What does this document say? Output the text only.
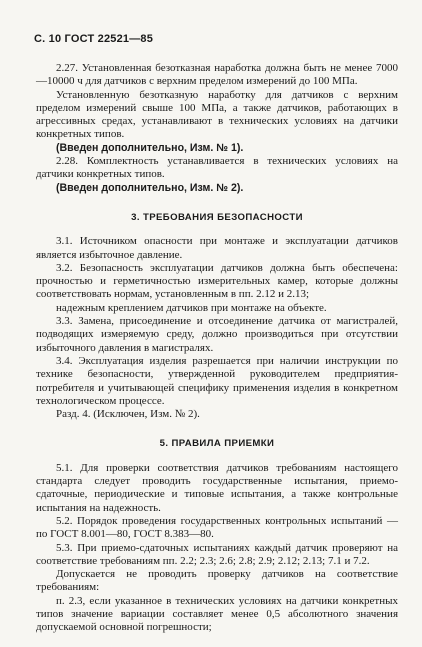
С. 10 ГОСТ 22521—85

2.27. Установленная безотказная наработка должна быть не менее 7000—10000 ч для датчиков с верхним пределом измерений до 100 МПа.

Установленную безотказную наработку для датчиков с верхним пределом измерений свыше 100 МПа, а также датчиков, работающих в агрессивных средах, устанавливают в технических условиях на датчики конкретных типов.

(Введен дополнительно, Изм. № 1).

2.28. Комплектность устанавливается в технических условиях на датчики конкретных типов.

(Введен дополнительно, Изм. № 2).

3. ТРЕБОВАНИЯ БЕЗОПАСНОСТИ

3.1. Источником опасности при монтаже и эксплуатации датчиков является избыточное давление.

3.2. Безопасность эксплуатации датчиков должна быть обеспечена: прочностью и герметичностью измерительных камер, которые должны соответствовать нормам, установленным в пп. 2.12 и 2.13;

надежным креплением датчиков при монтаже на объекте.

3.3. Замена, присоединение и отсоединение датчика от магистралей, подводящих измеряемую среду, должно производиться при отсутствии избыточного давления в магистралях.

3.4. Эксплуатация изделия разрешается при наличии инструкции по технике безопасности, утвержденной руководителем предприятия-потребителя и учитывающей специфику применения изделия в конкретном технологическом процессе.

Разд. 4. (Исключен, Изм. № 2).

5. ПРАВИЛА ПРИЕМКИ

5.1. Для проверки соответствия датчиков требованиям настоящего стандарта следует проводить государственные испытания, приемо-сдаточные, периодические и типовые испытания, а также контрольные испытания на надежность.

5.2. Порядок проведения государственных контрольных испытаний — по ГОСТ 8.001—80, ГОСТ 8.383—80.

5.3. При приемо-сдаточных испытаниях каждый датчик проверяют на соответствие требованиям пп. 2.2; 2.3; 2.6; 2.8; 2.9; 2.12; 2.13; 7.1 и 7.2.

Допускается не проводить проверку датчиков на соответствие требованиям:

п. 2.3, если указанное в технических условиях на датчики конкретных типов значение вариации составляет менее 0,5 абсолютного значения допускаемой основной погрешности;
